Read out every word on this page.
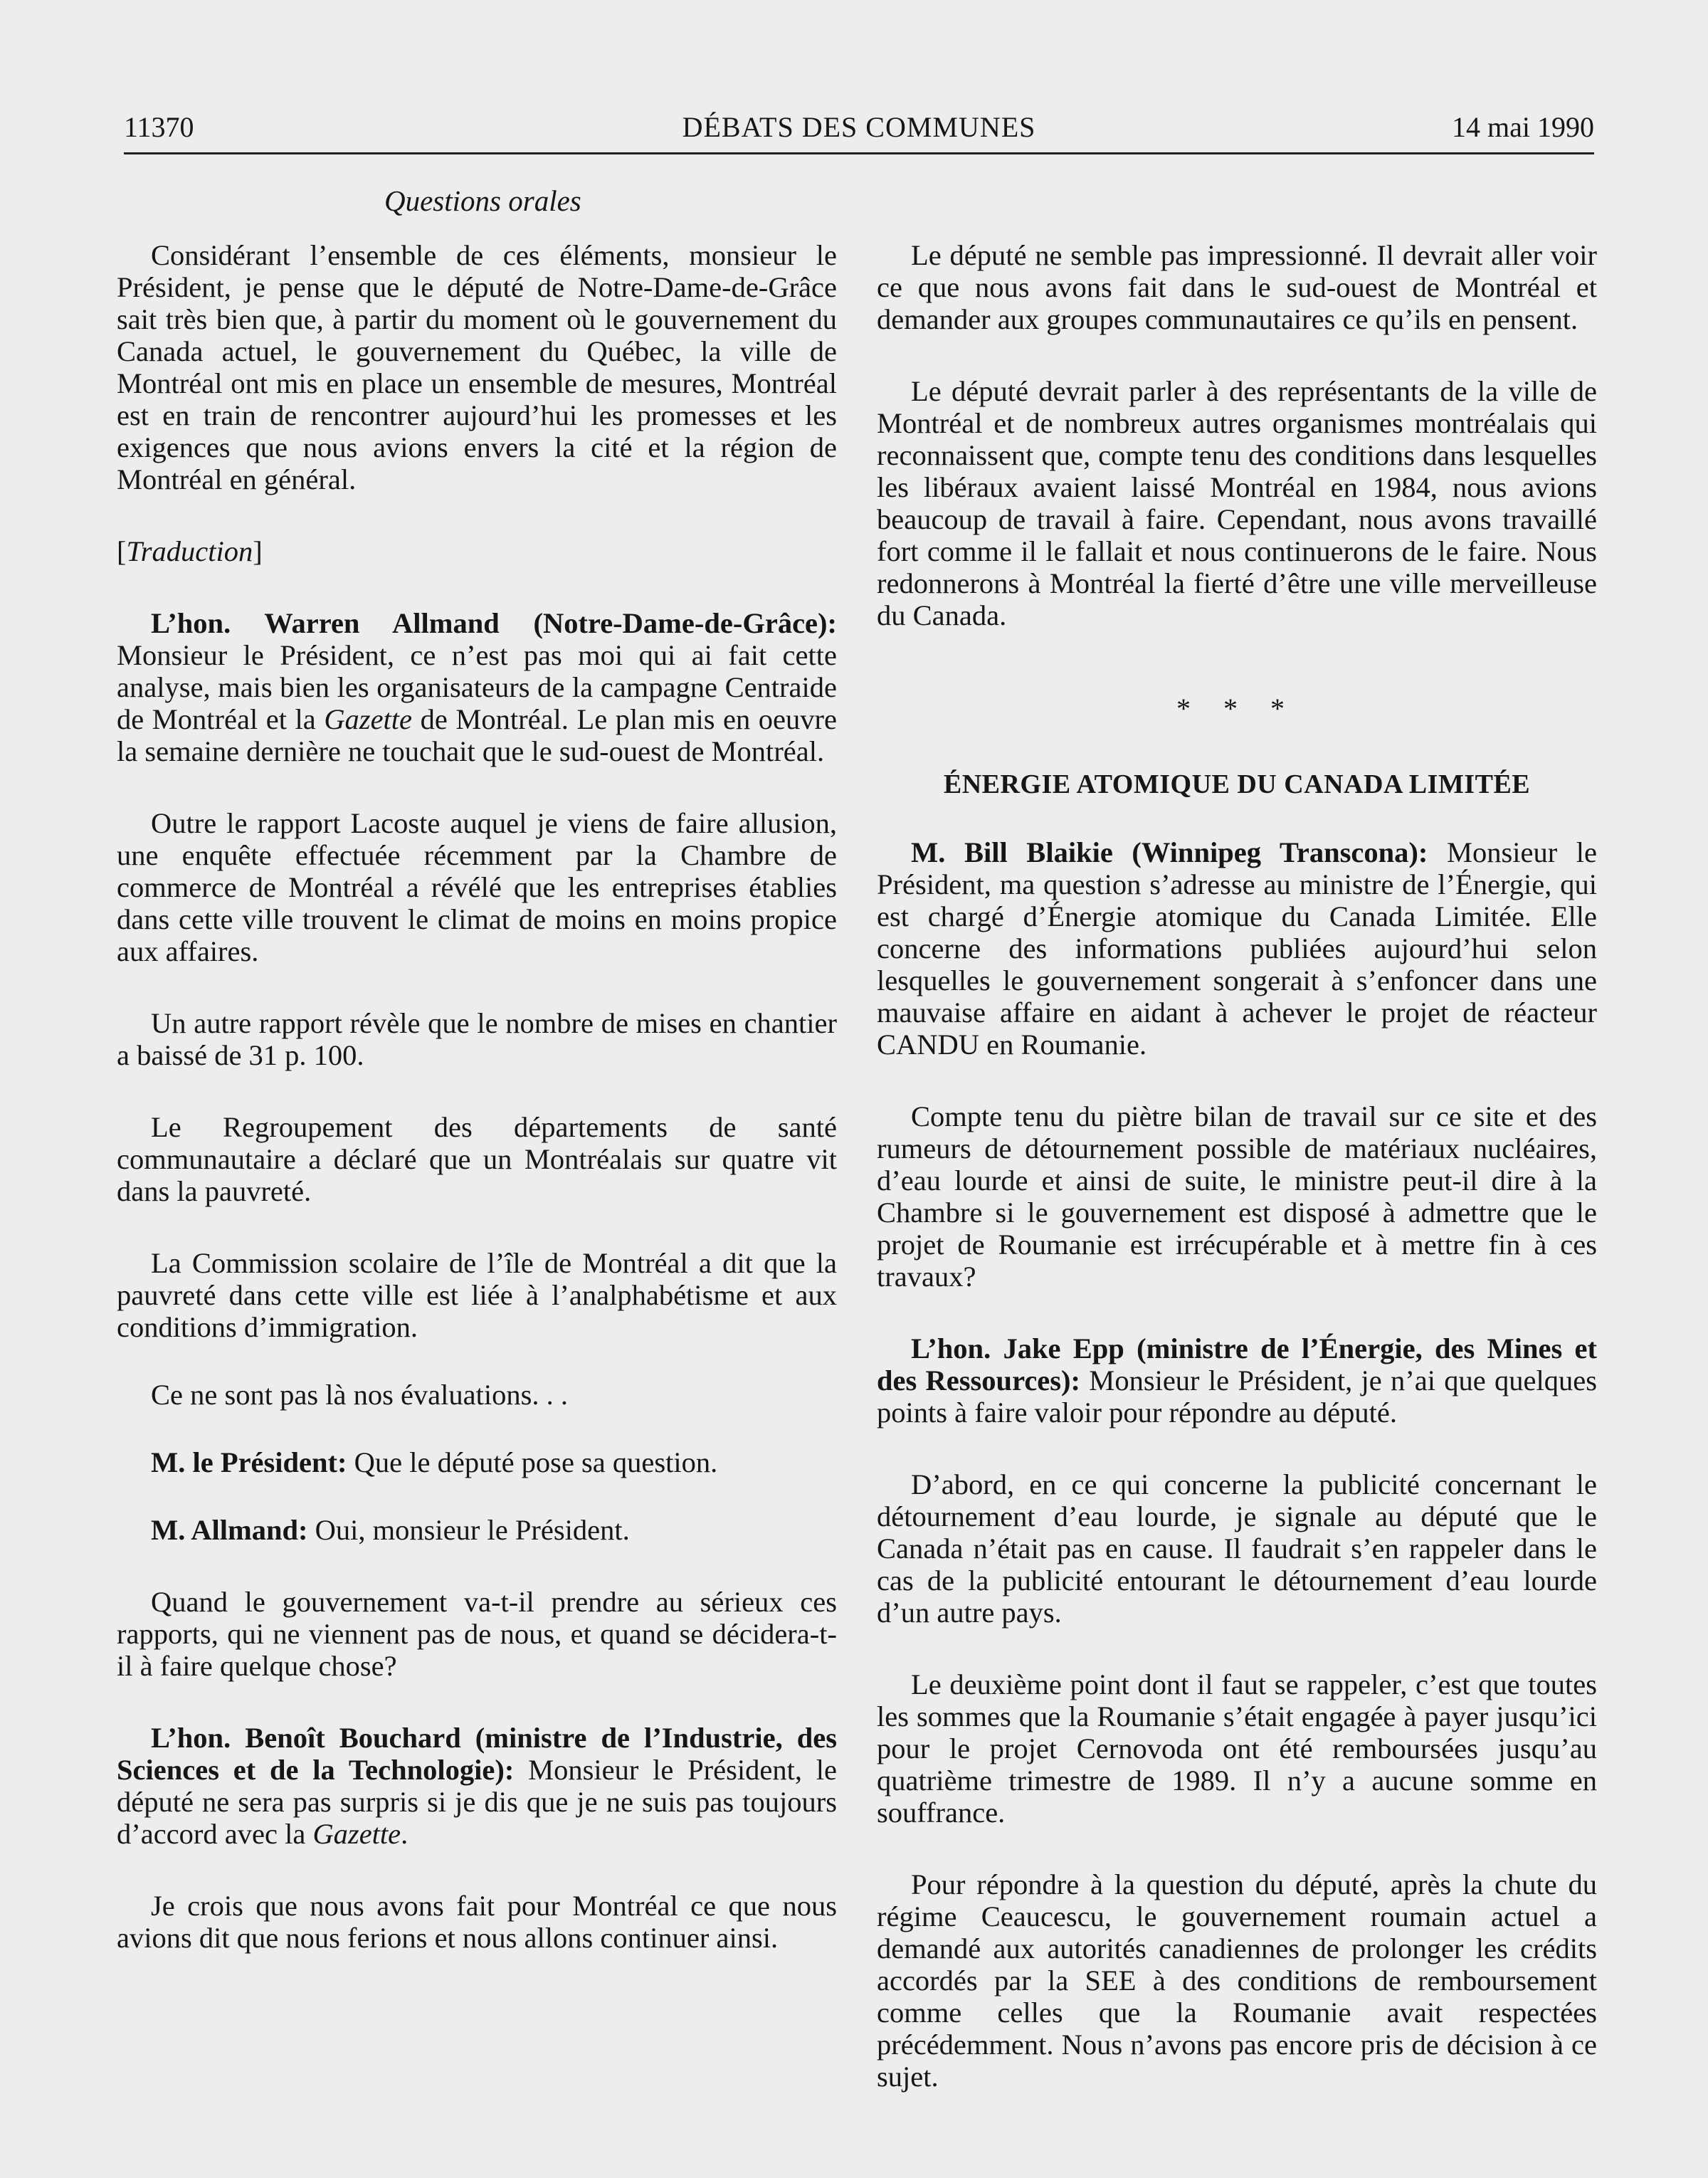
11370	DÉBATS DES COMMUNES	14 mai 1990
Questions orales

Considérant l’ensemble de ces éléments, monsieur le Président, je pense que le député de Notre-Dame-de-Grâce sait très bien que, à partir du moment où le gouvernement du Canada actuel, le gouvernement du Québec, la ville de Montréal ont mis en place un ensemble de mesures, Montréal est en train de rencontrer aujourd’hui les promesses et les exigences que nous avions envers la cité et la région de Montréal en général.

[Traduction]

L’hon. Warren Allmand (Notre-Dame-de-Grâce): Monsieur le Président, ce n’est pas moi qui ai fait cette analyse, mais bien les organisateurs de la campagne Centraide de Montréal et la Gazette de Montréal. Le plan mis en oeuvre la semaine dernière ne touchait que le sud-ouest de Montréal.

Outre le rapport Lacoste auquel je viens de faire allusion, une enquête effectuée récemment par la Chambre de commerce de Montréal a révélé que les entreprises établies dans cette ville trouvent le climat de moins en moins propice aux affaires.

Un autre rapport révèle que le nombre de mises en chantier a baissé de 31 p. 100.

Le Regroupement des départements de santé communautaire a déclaré que un Montréalais sur quatre vit dans la pauvreté.

La Commission scolaire de l’île de Montréal a dit que la pauvreté dans cette ville est liée à l’analphabétisme et aux conditions d’immigration.

Ce ne sont pas là nos évaluations. . .

M. le Président: Que le député pose sa question.

M. Allmand: Oui, monsieur le Président.

Quand le gouvernement va-t-il prendre au sérieux ces rapports, qui ne viennent pas de nous, et quand se décidera-t-il à faire quelque chose?

L’hon. Benoît Bouchard (ministre de l’Industrie, des Sciences et de la Technologie): Monsieur le Président, le député ne sera pas surpris si je dis que je ne suis pas toujours d’accord avec la Gazette.

Je crois que nous avons fait pour Montréal ce que nous avions dit que nous ferions et nous allons continuer ainsi.

Le député ne semble pas impressionné. Il devrait aller voir ce que nous avons fait dans le sud-ouest de Montréal et demander aux groupes communautaires ce qu’ils en pensent.

Le député devrait parler à des représentants de la ville de Montréal et de nombreux autres organismes montréalais qui reconnaissent que, compte tenu des conditions dans lesquelles les libéraux avaient laissé Montréal en 1984, nous avions beaucoup de travail à faire. Cependant, nous avons travaillé fort comme il le fallait et nous continuerons de le faire. Nous redonnerons à Montréal la fierté d’être une ville merveilleuse du Canada.

* * *
ÉNERGIE ATOMIQUE DU CANADA LIMITÉE

M. Bill Blaikie (Winnipeg Transcona): Monsieur le Président, ma question s’adresse au ministre de l’Énergie, qui est chargé d’Énergie atomique du Canada Limitée. Elle concerne des informations publiées aujourd’hui selon lesquelles le gouvernement songerait à s’enfoncer dans une mauvaise affaire en aidant à achever le projet de réacteur CANDU en Roumanie.

Compte tenu du piètre bilan de travail sur ce site et des rumeurs de détournement possible de matériaux nucléaires, d’eau lourde et ainsi de suite, le ministre peut-il dire à la Chambre si le gouvernement est disposé à admettre que le projet de Roumanie est irrécupérable et à mettre fin à ces travaux?

L’hon. Jake Epp (ministre de l’Énergie, des Mines et des Ressources): Monsieur le Président, je n’ai que quelques points à faire valoir pour répondre au député.

D’abord, en ce qui concerne la publicité concernant le détournement d’eau lourde, je signale au député que le Canada n’était pas en cause. Il faudrait s’en rappeler dans le cas de la publicité entourant le détournement d’eau lourde d’un autre pays.

Le deuxième point dont il faut se rappeler, c’est que toutes les sommes que la Roumanie s’était engagée à payer jusqu’ici pour le projet Cernovoda ont été remboursées jusqu’au quatrième trimestre de 1989. Il n’y a aucune somme en souffrance.

Pour répondre à la question du député, après la chute du régime Ceaucescu, le gouvernement roumain actuel a demandé aux autorités canadiennes de prolonger les crédits accordés par la SEE à des conditions de remboursement comme celles que la Roumanie avait respectées précédemment. Nous n’avons pas encore pris de décision à ce sujet.
